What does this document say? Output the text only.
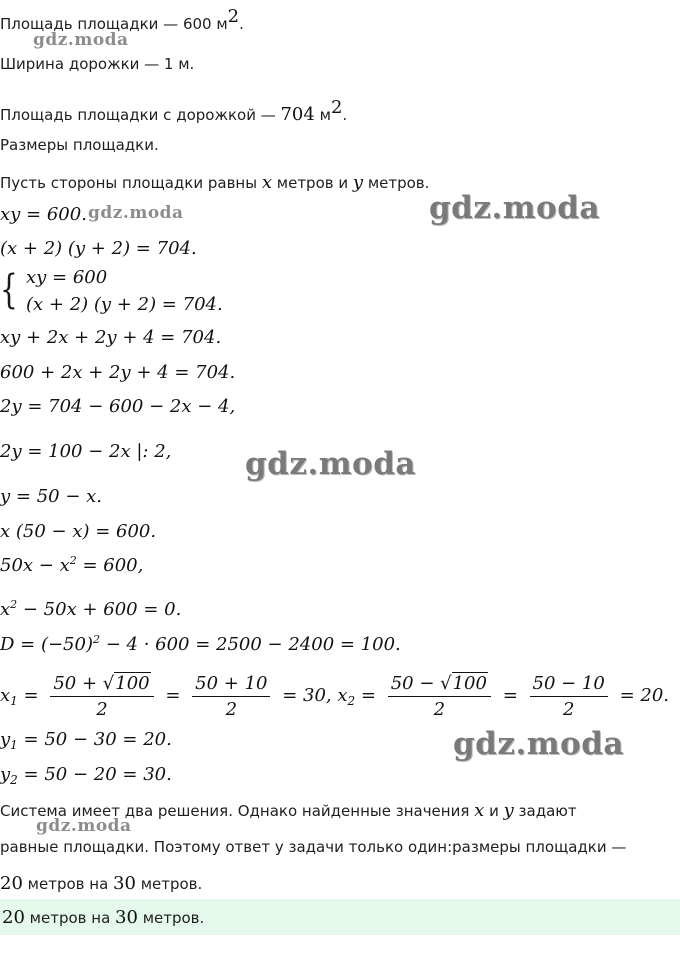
Площадь площадки — 600 $м^2$.
gdz.moda
Ширина дорожки — 1 м.
Площадь площадки с дорожкой — 704 $м^2$.
Размеры площадки.
Пусть стороны площадки равны x метров и y метров.
xy = 600. gdz.moda	gdz.moda
(x + 2) (y + 2) = 704.
{ xy = 600
(x + 2) (y + 2) = 704.
xy + 2x + 2y + 4 = 704.
600 + 2x + 2y + 4 = 704.
2y = 704 − 600 − 2x − 4,
2y = 100 − 2x |: 2, gdz.moda
y = 50 − x.
x (50 − x) = 600.
$50x - x^2 = 600$,
$x^2 - 50x + 600 = 0$.
$D = (-50)^2 - 4 \cdot 600 = 2500 - 2400 = 100$.
$x_1 = \frac{50 + √100}{2} = \frac{50 + 10}{2} = 30$, $x_2 = \frac{50 - √100}{2} = \frac{50 - 10}{2} = 20$.
$y_1 = 50 - 30 = 20$.	gdz.moda
$y_2 = 50 - 20 = 30$.
Система имеет два решения. Однако найденные значения x и y задают
gdz.moda
равные площадки. Поэтому ответ у задачи только один:размеры площадки —
20 метров на 30 метров.
20 метров на 30 метров.
